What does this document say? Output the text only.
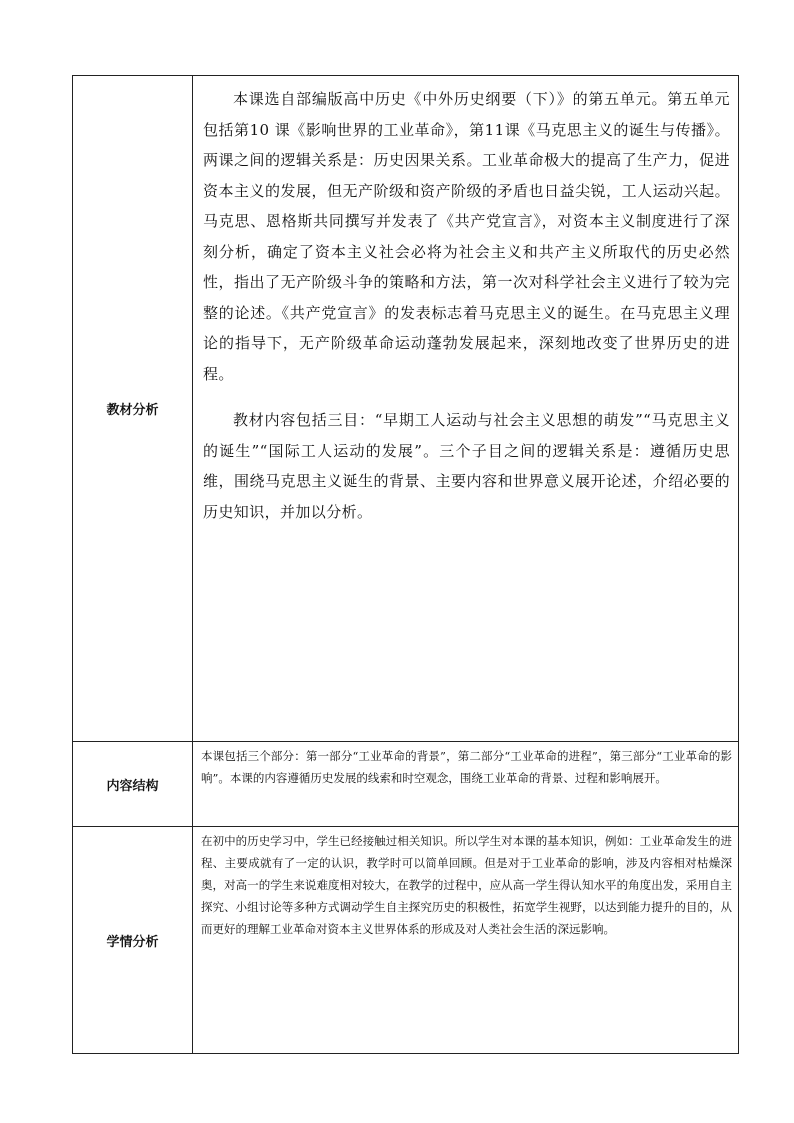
教材分析	本课选自部编版高中历史《中外历史纲要（下）》的第五单元。第五单元包括第10 课《影响世界的工业革命》，第11课《马克思主义的诞生与传播》。两课之间的逻辑关系是：历史因果关系。工业革命极大的提高了生产力，促进资本主义的发展，但无产阶级和资产阶级的矛盾也日益尖锐，工人运动兴起。马克思、恩格斯共同撰写并发表了《共产党宣言》，对资本主义制度进行了深刻分析，确定了资本主义社会必将为社会主义和共产主义所取代的历史必然性，指出了无产阶级斗争的策略和方法，第一次对科学社会主义进行了较为完整的论述。《共产党宣言》的发表标志着马克思主义的诞生。在马克思主义理论的指导下，无产阶级革命运动蓬勃发展起来，深刻地改变了世界历史的进程。

教材内容包括三目：“早期工人运动与社会主义思想的萌发”“马克思主义的诞生”“国际工人运动的发展”。三个子目之间的逻辑关系是：遵循历史思维，围绕马克思主义诞生的背景、主要内容和世界意义展开论述，介绍必要的历史知识，并加以分析。

内容结构	本课包括三个部分：第一部分“工业革命的背景”，第二部分“工业革命的进程”，第三部分“工业革命的影响”。本课的内容遵循历史发展的线索和时空观念，围绕工业革命的背景、过程和影响展开。

学情分析	在初中的历史学习中，学生已经接触过相关知识。所以学生对本课的基本知识，例如：工业革命发生的进程、主要成就有了一定的认识，教学时可以简单回顾。但是对于工业革命的影响，涉及内容相对枯燥深奥，对高一的学生来说难度相对较大，在教学的过程中，应从高一学生得认知水平的角度出发，采用自主探究、小组讨论等多种方式调动学生自主探究历史的积极性，拓宽学生视野，以达到能力提升的目的，从而更好的理解工业革命对资本主义世界体系的形成及对人类社会生活的深远影响。
